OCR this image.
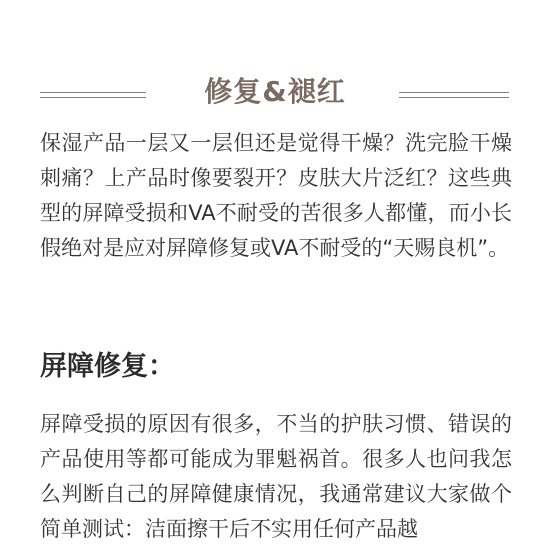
修复&褪红

保湿产品一层又一层但还是觉得干燥？洗完脸干燥刺痛？上产品时像要裂开？皮肤大片泛红？这些典型的屏障受损和VA不耐受的苦很多人都懂，而小长假绝对是应对屏障修复或VA不耐受的“天赐良机”。

屏障修复：

屏障受损的原因有很多，不当的护肤习惯、错误的产品使用等都可能成为罪魁祸首。很多人也问我怎么判断自己的屏障健康情况，我通常建议大家做个简单测试：洁面擦干后不实用任何产品越
